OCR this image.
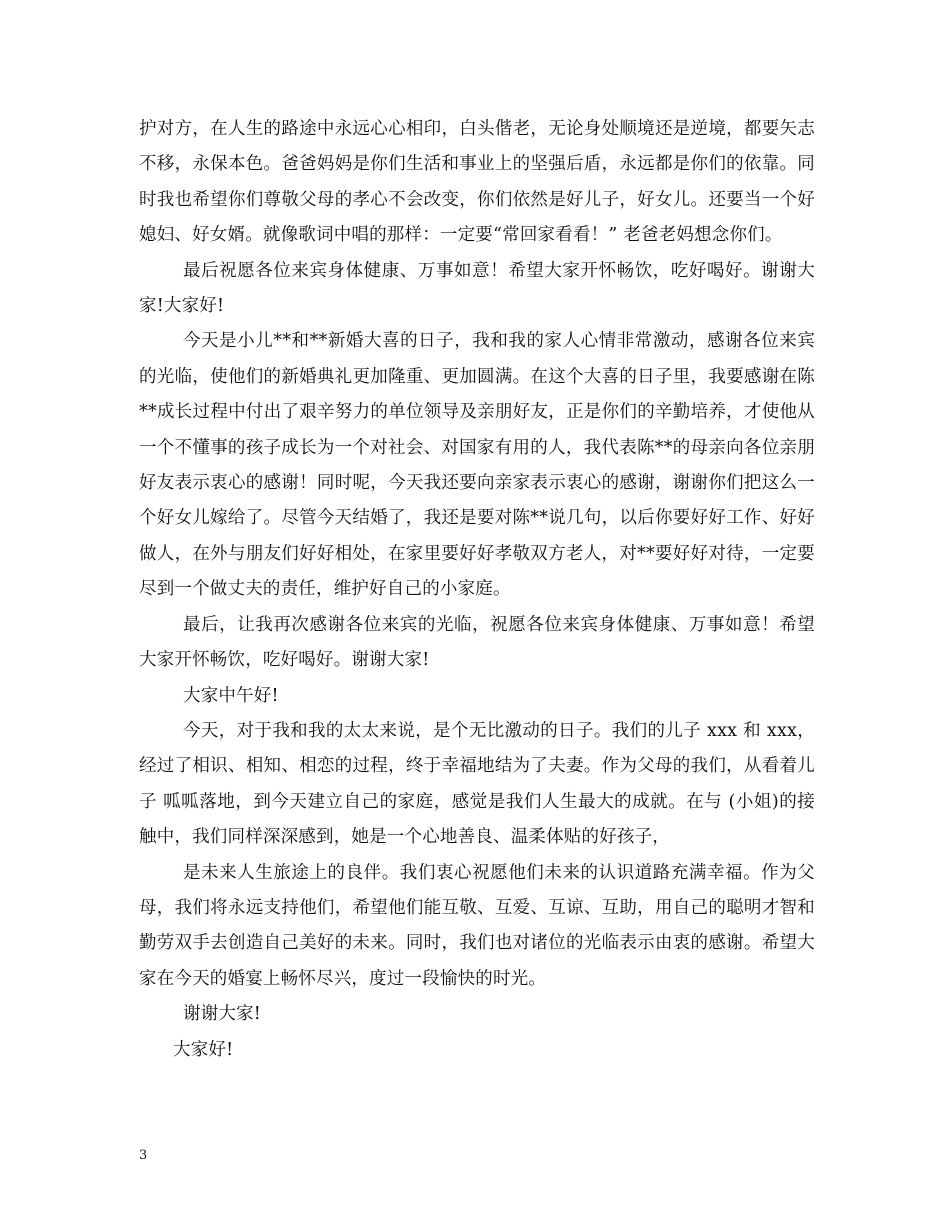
护对方，在人生的路途中永远心心相印，白头偕老，无论身处顺境还是逆境，都要矢志不移，永保本色。爸爸妈妈是你们生活和事业上的坚强后盾，永远都是你们的依靠。同时我也希望你们尊敬父母的孝心不会改变，你们依然是好儿子，好女儿。还要当一个好媳妇、好女婿。就像歌词中唱的那样：一定要“常回家看看！” 老爸老妈想念你们。

最后祝愿各位来宾身体健康、万事如意！希望大家开怀畅饮，吃好喝好。谢谢大家!大家好!

今天是小儿**和**新婚大喜的日子，我和我的家人心情非常激动，感谢各位来宾的光临，使他们的新婚典礼更加隆重、更加圆满。在这个大喜的日子里，我要感谢在陈**成长过程中付出了艰辛努力的单位领导及亲朋好友，正是你们的辛勤培养，才使他从一个不懂事的孩子成长为一个对社会、对国家有用的人，我代表陈**的母亲向各位亲朋好友表示衷心的感谢！同时呢，今天我还要向亲家表示衷心的感谢，谢谢你们把这么一个好女儿嫁给了。尽管今天结婚了，我还是要对陈**说几句，以后你要好好工作、好好做人，在外与朋友们好好相处，在家里要好好孝敬双方老人，对**要好好对待，一定要尽到一个做丈夫的责任，维护好自己的小家庭。

最后，让我再次感谢各位来宾的光临，祝愿各位来宾身体健康、万事如意！希望大家开怀畅饮，吃好喝好。谢谢大家!

大家中午好!

今天，对于我和我的太太来说，是个无比激动的日子。我们的儿子 xxx 和 xxx，经过了相识、相知、相恋的过程，终于幸福地结为了夫妻。作为父母的我们，从看着儿子 呱呱落地，到今天建立自己的家庭，感觉是我们人生最大的成就。在与 (小姐)的接触中，我们同样深深感到，她是一个心地善良、温柔体贴的好孩子，

是未来人生旅途上的良伴。我们衷心祝愿他们未来的认识道路充满幸福。作为父母，我们将永远支持他们，希望他们能互敬、互爱、互谅、互助，用自己的聪明才智和勤劳双手去创造自己美好的未来。同时，我们也对诸位的光临表示由衷的感谢。希望大家在今天的婚宴上畅怀尽兴，度过一段愉快的时光。

谢谢大家!

大家好!

3
